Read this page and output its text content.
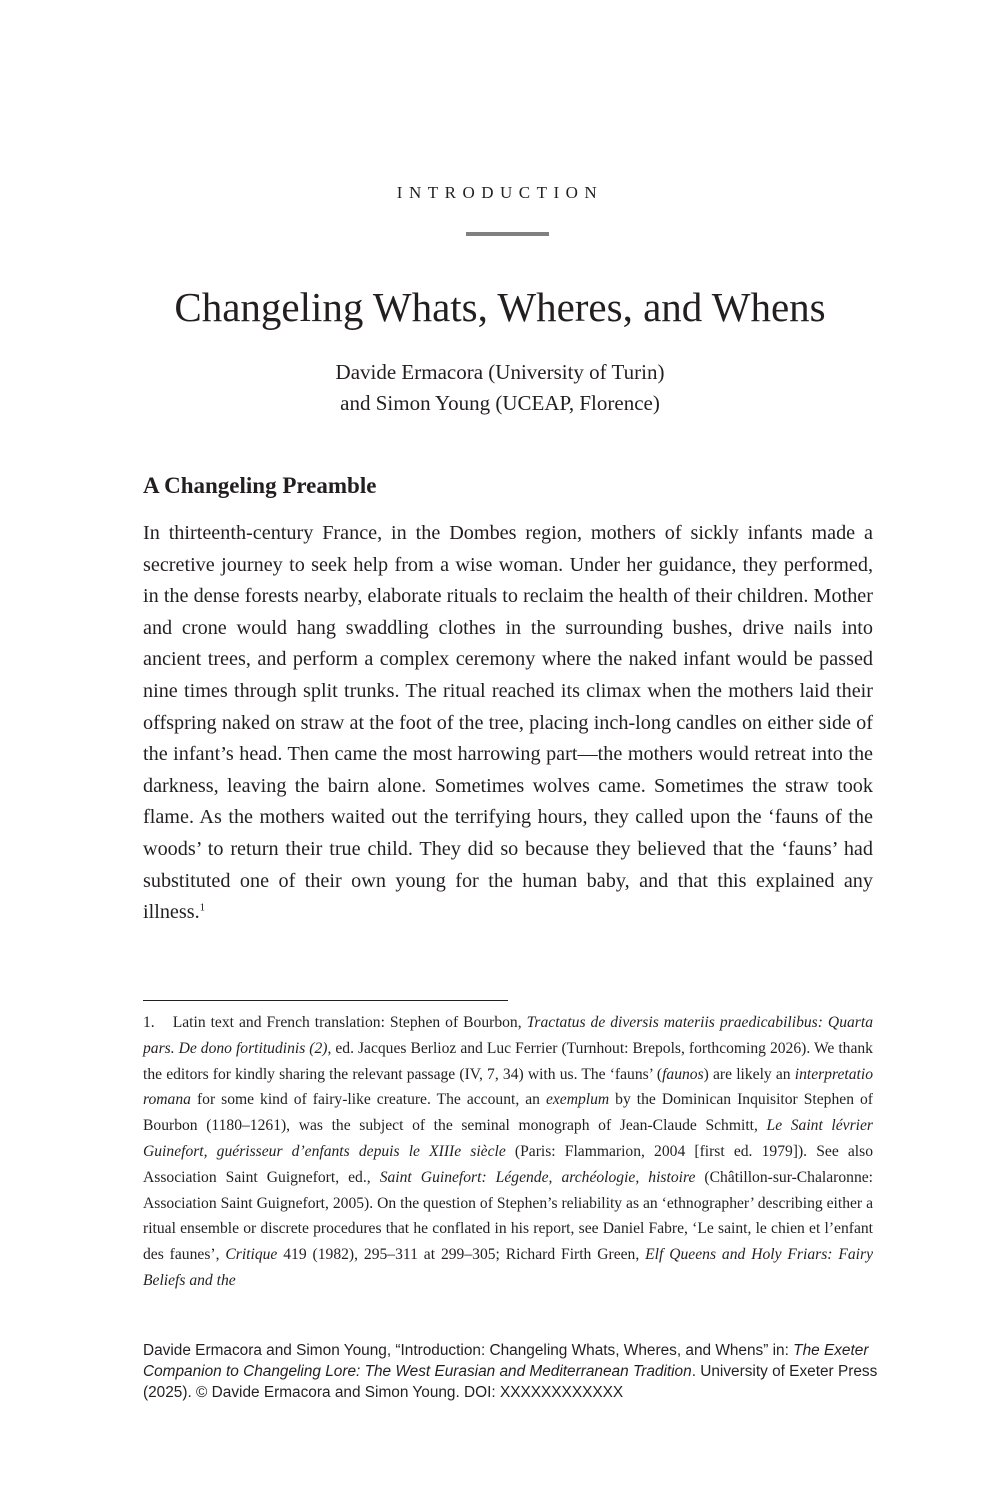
INTRODUCTION
Changeling Whats, Wheres, and Whens
Davide Ermacora (University of Turin)
and Simon Young (UCEAP, Florence)
A Changeling Preamble

In thirteenth-century France, in the Dombes region, mothers of sickly infants made a secretive journey to seek help from a wise woman. Under her guidance, they performed, in the dense forests nearby, elaborate rituals to reclaim the health of their children. Mother and crone would hang swaddling clothes in the surrounding bushes, drive nails into ancient trees, and perform a complex ceremony where the naked infant would be passed nine times through split trunks. The ritual reached its climax when the mothers laid their offspring naked on straw at the foot of the tree, placing inch-long candles on either side of the infant’s head. Then came the most harrowing part—the mothers would retreat into the darkness, leaving the bairn alone. Sometimes wolves came. Sometimes the straw took flame. As the mothers waited out the terrifying hours, they called upon the ‘fauns of the woods’ to return their true child. They did so because they believed that the ‘fauns’ had substituted one of their own young for the human baby, and that this explained any illness.$^1$

1. Latin text and French translation: Stephen of Bourbon, Tractatus de diversis materiis praedicabilibus: Quarta pars. De dono fortitudinis (2), ed. Jacques Berlioz and Luc Ferrier (Turnhout: Brepols, forthcoming 2026). We thank the editors for kindly sharing the relevant passage (IV, 7, 34) with us. The ‘fauns’ (faunos) are likely an interpretatio romana for some kind of fairy-like creature. The account, an exemplum by the Dominican Inquisitor Stephen of Bourbon (1180–1261), was the subject of the seminal monograph of Jean-Claude Schmitt, Le Saint lévrier Guinefort, guérisseur d’enfants depuis le XIIIe siècle (Paris: Flammarion, 2004 [first ed. 1979]). See also Association Saint Guignefort, ed., Saint Guinefort: Légende, archéologie, histoire (Châtillon-sur-Chalaronne: Association Saint Guignefort, 2005). On the question of Stephen’s reliability as an ‘ethnographer’ describing either a ritual ensemble or discrete procedures that he conflated in his report, see Daniel Fabre, ‘Le saint, le chien et l’enfant des faunes’, Critique 419 (1982), 295–311 at 299–305; Richard Firth Green, Elf Queens and Holy Friars: Fairy Beliefs and the

Davide Ermacora and Simon Young, “Introduction: Changeling Whats, Wheres, and Whens” in: The Exeter Companion to Changeling Lore: The West Eurasian and Mediterranean Tradition. University of Exeter Press (2025). © Davide Ermacora and Simon Young. DOI: XXXXXXXXXXXX
